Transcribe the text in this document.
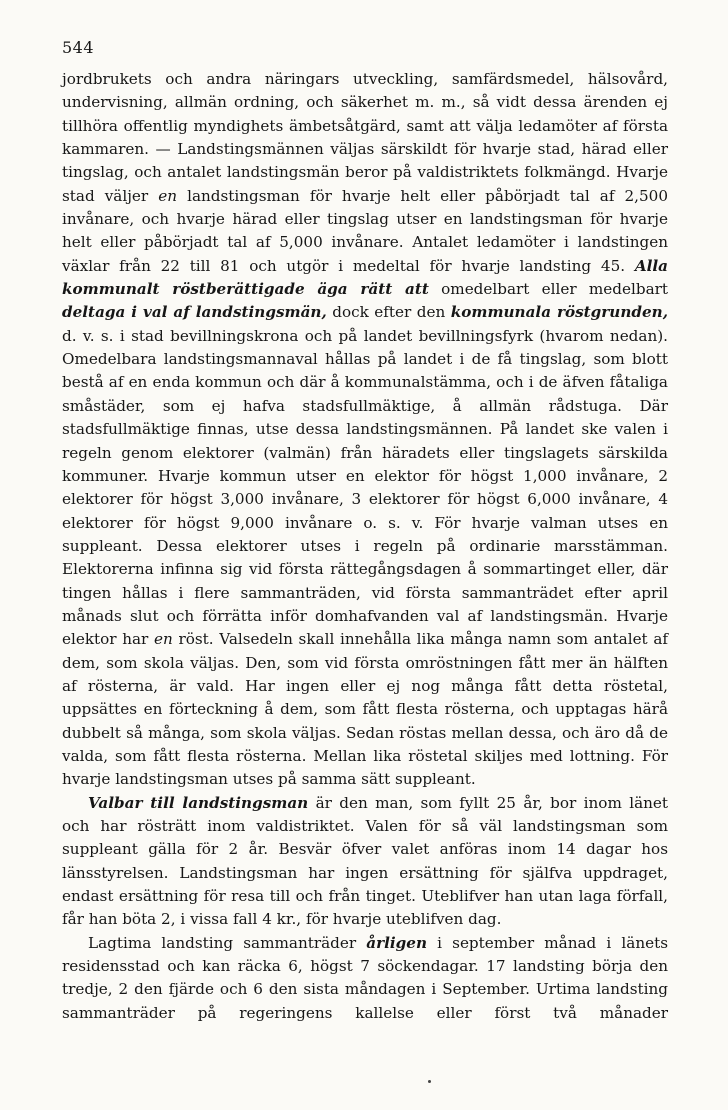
544

jordbrukets och andra näringars utveckling, samfärdsmedel, hälsovård, undervisning, allmän ordning, och säkerhet m. m., så vidt dessa ärenden ej tillhöra offentlig myndighets ämbetsåtgärd, samt att välja ledamöter af första kammaren. — Landstingsmännen väljas särskildt för hvarje stad, härad eller tingslag, och antalet landstingsmän beror på valdistriktets folkmängd. Hvarje stad väljer en landstingsman för hvarje helt eller påbörjadt tal af 2,500 invånare, och hvarje härad eller tingslag utser en landstingsman för hvarje helt eller påbörjadt tal af 5,000 invånare. Antalet ledamöter i landstingen växlar från 22 till 81 och utgör i medeltal för hvarje landsting 45. Alla kommunalt röstberättigade äga rätt att omedelbart eller medelbart deltaga i val af landstingsmän, dock efter den kommunala röstgrunden, d. v. s. i stad bevillningskrona och på landet bevillningsfyrk (hvarom nedan). Omedelbara landstingsmannaval hållas på landet i de få tingslag, som blott bestå af en enda kommun och där å kommunalstämma, och i de äfven fåtaliga småstäder, som ej hafva stadsfullmäktige, å allmän rådstuga. Där stadsfullmäktige finnas, utse dessa landstingsmännen. På landet ske valen i regeln genom elektorer (valmän) från häradets eller tingslagets särskilda kommuner. Hvarje kommun utser en elektor för högst 1,000 invånare, 2 elektorer för högst 3,000 invånare, 3 elektorer för högst 6,000 invånare, 4 elektorer för högst 9,000 invånare o. s. v. För hvarje valman utses en suppleant. Dessa elektorer utses i regeln på ordinarie marsstämman. Elektorerna infinna sig vid första rättegångsdagen å sommartinget eller, där tingen hållas i flere sammanträden, vid första sammanträdet efter april månads slut och förrätta inför domhafvanden val af landstingsmän. Hvarje elektor har en röst. Valsedeln skall innehålla lika många namn som antalet af dem, som skola väljas. Den, som vid första omröstningen fått mer än hälften af rösterna, är vald. Har ingen eller ej nog många fått detta röstetal, uppsättes en förteckning å dem, som fått flesta rösterna, och upptagas härå dubbelt så många, som skola väljas. Sedan röstas mellan dessa, och äro då de valda, som fått flesta rösterna. Mellan lika röstetal skiljes med lottning. För hvarje landstingsman utses på samma sätt suppleant.

Valbar till landstingsman är den man, som fyllt 25 år, bor inom länet och har rösträtt inom valdistriktet. Valen för så väl landstingsman som suppleant gälla för 2 år. Besvär öfver valet anföras inom 14 dagar hos länsstyrelsen. Landstingsman har ingen ersättning för själfva uppdraget, endast ersättning för resa till och från tinget. Uteblifver han utan laga förfall, får han böta 2, i vissa fall 4 kr., för hvarje uteblifven dag.

Lagtima landsting sammanträder årligen i september månad i länets residensstad och kan räcka 6, högst 7 söckendagar. 17 landsting börja den tredje, 2 den fjärde och 6 den sista måndagen i September. Urtima landsting sammanträder på regeringens kallelse eller först två månader
